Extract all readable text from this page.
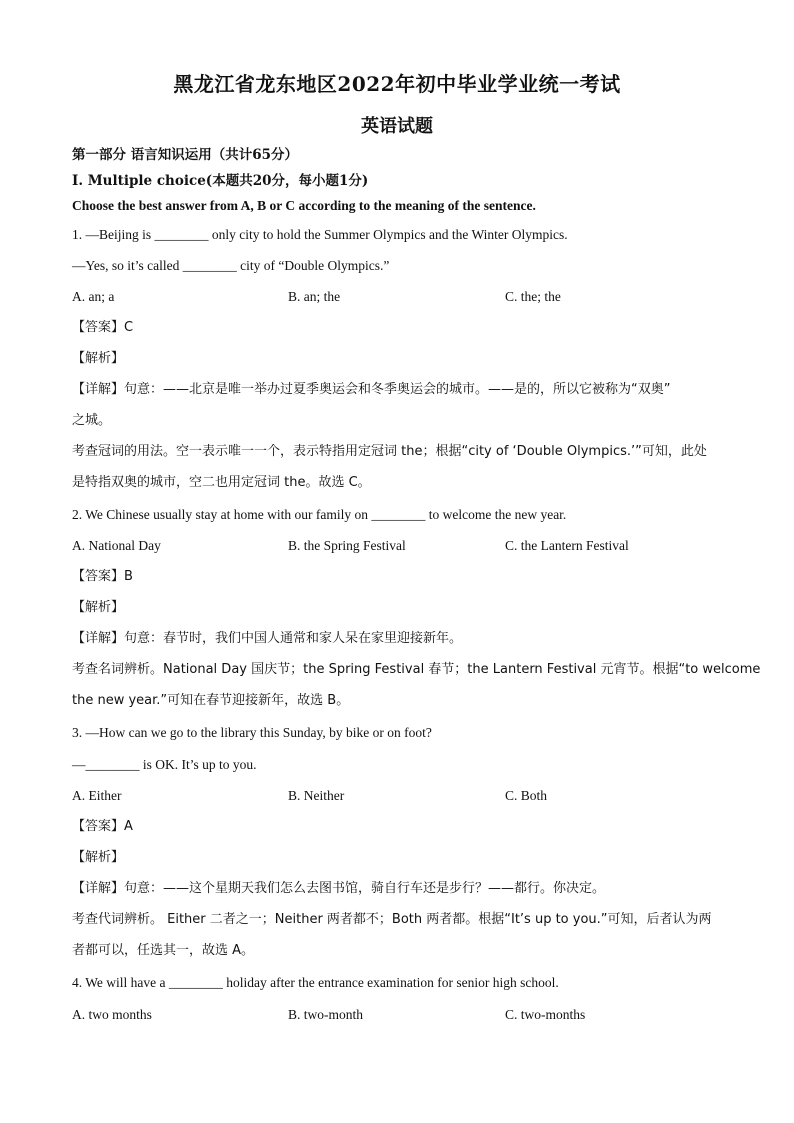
黑龙江省龙东地区2022年初中毕业学业统一考试
英语试题
第一部分 语言知识运用（共计65分）
Ⅰ. Multiple choice(本题共20分，每小题1分)
Choose the best answer from A, B or C according to the meaning of the sentence.
1. —Beijing is ________ only city to hold the Summer Olympics and the Winter Olympics.
—Yes, so it’s called ________ city of “Double Olympics.”
A. an; a	B. an; the	C. the; the
【答案】C
【解析】
【详解】句意：——北京是唯一举办过夏季奥运会和冬季奥运会的城市。——是的，所以它被称为“双奥”
之城。
考查冠词的用法。空一表示唯一一个，表示特指用定冠词 the；根据“city of ‘Double Olympics.’”可知，此处
是特指双奥的城市，空二也用定冠词 the。故选 C。
2. We Chinese usually stay at home with our family on ________ to welcome the new year.
A. National Day	B. the Spring Festival	C. the Lantern Festival
【答案】B
【解析】
【详解】句意：春节时，我们中国人通常和家人呆在家里迎接新年。
考查名词辨析。National Day 国庆节；the Spring Festival 春节；the Lantern Festival 元宵节。根据“to welcome
the new year.”可知在春节迎接新年，故选 B。
3. —How can we go to the library this Sunday, by bike or on foot?
—________ is OK. It’s up to you.
A. Either	B. Neither	C. Both
【答案】A
【解析】
【详解】句意：——这个星期天我们怎么去图书馆，骑自行车还是步行？——都行。你决定。
考查代词辨析。 Either 二者之一；Neither 两者都不；Both 两者都。根据“It’s up to you.”可知，后者认为两
者都可以，任选其一，故选 A。
4. We will have a ________ holiday after the entrance examination for senior high school.
A. two months	B. two-month	C. two-months
